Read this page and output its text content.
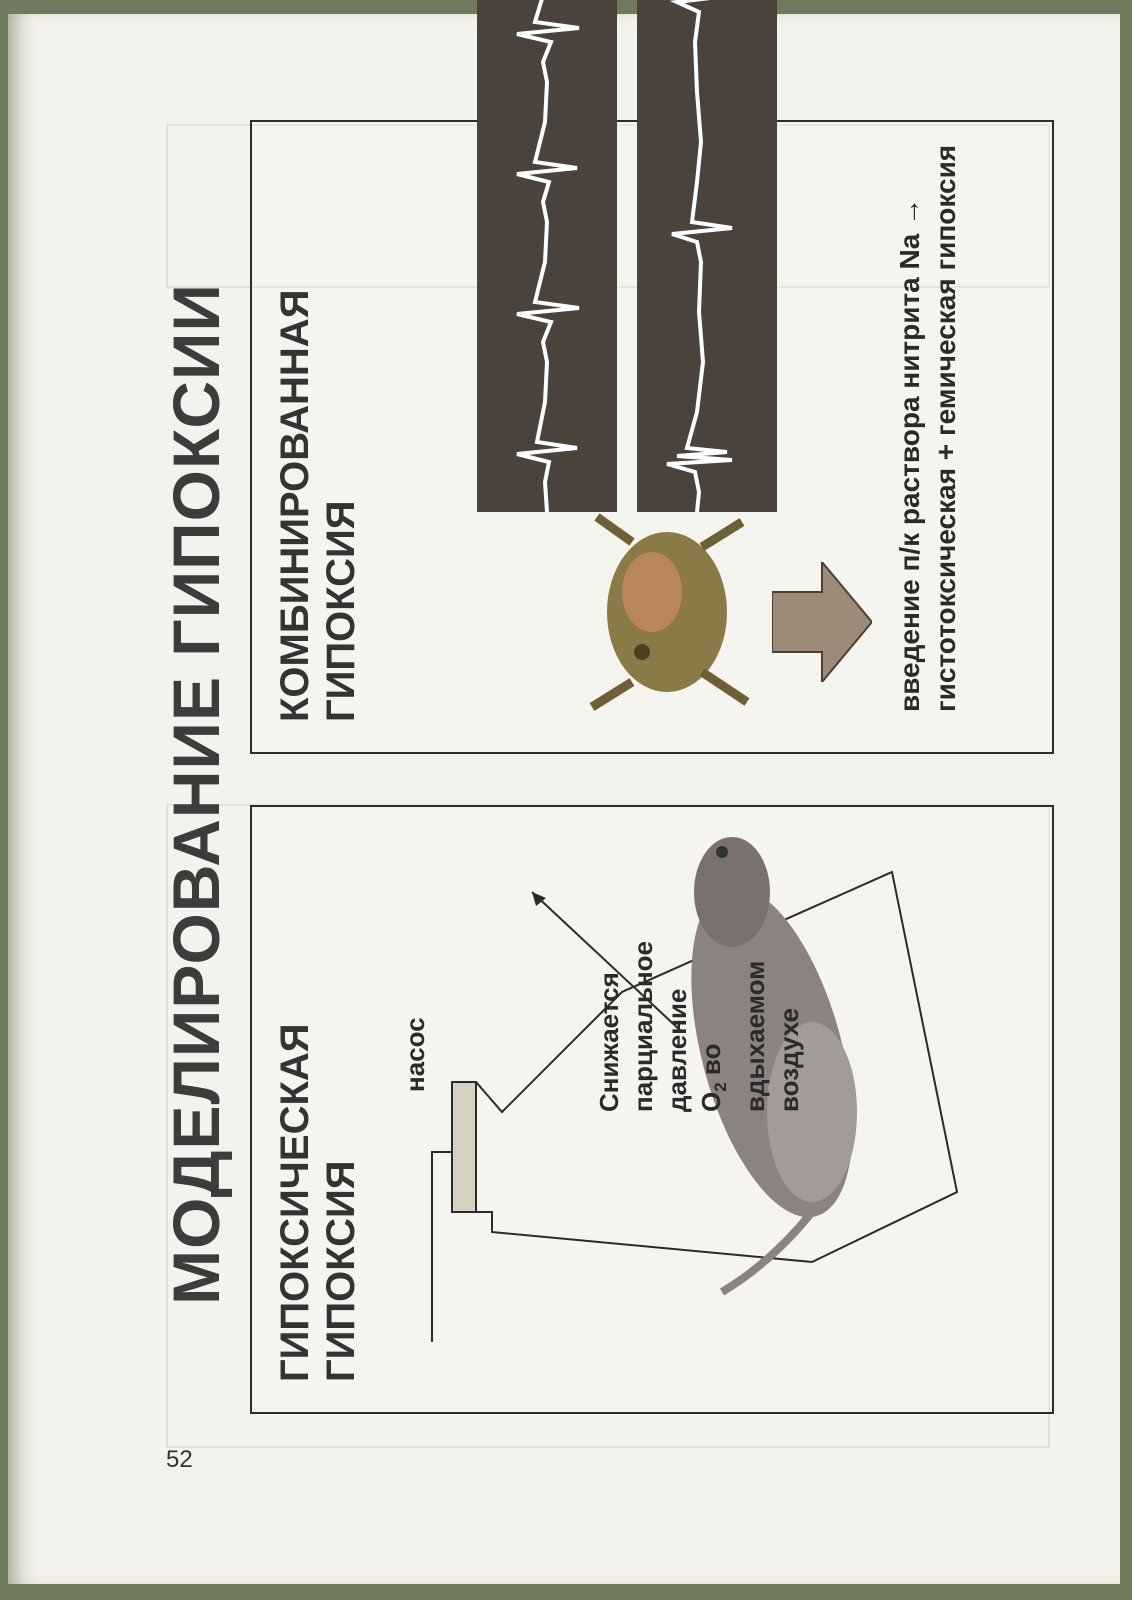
МОДЕЛИРОВАНИЕ ГИПОКСИИ ГИПОКСИЧЕСКАЯ ГИПОКСИЯ
насос	Снижается парциальное давление $O_2$ во вдыхаемом воздухе
КОМБИНИРОВАННАЯ ГИПОКСИЯ	введение п/к раствора нитрита Na → гистотоксическая + гемическая гипоксия
52
